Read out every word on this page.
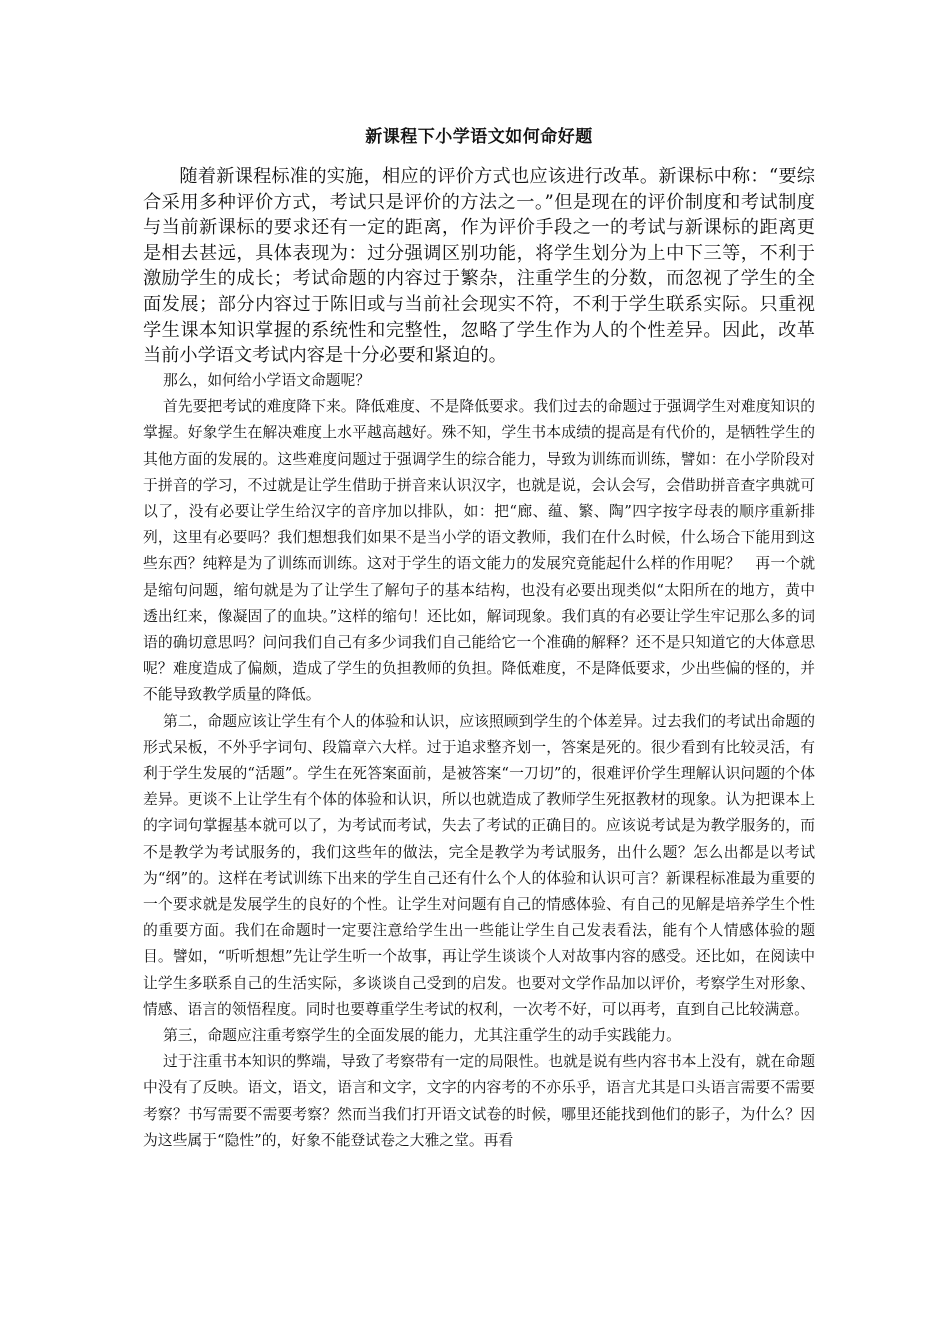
新课程下小学语文如何命好题

随着新课程标准的实施，相应的评价方式也应该进行改革。新课标中称：“要综合采用多种评价方式，考试只是评价的方法之一。”但是现在的评价制度和考试制度与当前新课标的要求还有一定的距离，作为评价手段之一的考试与新课标的距离更是相去甚远，具体表现为：过分强调区别功能，将学生划分为上中下三等，不利于激励学生的成长；考试命题的内容过于繁杂，注重学生的分数，而忽视了学生的全面发展；部分内容过于陈旧或与当前社会现实不符，不利于学生联系实际。只重视学生课本知识掌握的系统性和完整性，忽略了学生作为人的个性差异。因此，改革当前小学语文考试内容是十分必要和紧迫的。

那么，如何给小学语文命题呢？

首先要把考试的难度降下来。降低难度、不是降低要求。我们过去的命题过于强调学生对难度知识的掌握。好象学生在解决难度上水平越高越好。殊不知，学生书本成绩的提高是有代价的，是牺牲学生的其他方面的发展的。这些难度问题过于强调学生的综合能力，导致为训练而训练，譬如：在小学阶段对于拼音的学习，不过就是让学生借助于拼音来认识汉字，也就是说，会认会写，会借助拼音查字典就可以了，没有必要让学生给汉字的音序加以排队，如：把“廊、蕴、繁、陶”四字按字母表的顺序重新排列，这里有必要吗？我们想想我们如果不是当小学的语文教师，我们在什么时候，什么场合下能用到这些东西？纯粹是为了训练而训练。这对于学生的语文能力的发展究竟能起什么样的作用呢？　再一个就是缩句问题，缩句就是为了让学生了解句子的基本结构，也没有必要出现类似“太阳所在的地方，黄中透出红来，像凝固了的血块。”这样的缩句！还比如，解词现象。我们真的有必要让学生牢记那么多的词语的确切意思吗？问问我们自己有多少词我们自己能给它一个准确的解释？还不是只知道它的大体意思呢？难度造成了偏颇，造成了学生的负担教师的负担。降低难度，不是降低要求，少出些偏的怪的，并不能导致教学质量的降低。

第二，命题应该让学生有个人的体验和认识，应该照顾到学生的个体差异。过去我们的考试出命题的形式呆板，不外乎字词句、段篇章六大样。过于追求整齐划一，答案是死的。很少看到有比较灵活，有利于学生发展的“活题”。学生在死答案面前，是被答案“一刀切”的，很难评价学生理解认识问题的个体差异。更谈不上让学生有个体的体验和认识，所以也就造成了教师学生死抠教材的现象。认为把课本上的字词句掌握基本就可以了，为考试而考试，失去了考试的正确目的。应该说考试是为教学服务的，而不是教学为考试服务的，我们这些年的做法，完全是教学为考试服务，出什么题？怎么出都是以考试为“纲”的。这样在考试训练下出来的学生自己还有什么个人的体验和认识可言？新课程标准最为重要的一个要求就是发展学生的良好的个性。让学生对问题有自己的情感体验、有自己的见解是培养学生个性的重要方面。我们在命题时一定要注意给学生出一些能让学生自己发表看法，能有个人情感体验的题目。譬如，“听听想想”先让学生听一个故事，再让学生谈谈个人对故事内容的感受。还比如，在阅读中让学生多联系自己的生活实际，多谈谈自己受到的启发。也要对文学作品加以评价，考察学生对形象、情感、语言的领悟程度。同时也要尊重学生考试的权利，一次考不好，可以再考，直到自己比较满意。

第三，命题应注重考察学生的全面发展的能力，尤其注重学生的动手实践能力。

过于注重书本知识的弊端，导致了考察带有一定的局限性。也就是说有些内容书本上没有，就在命题中没有了反映。语文，语文，语言和文字，文字的内容考的不亦乐乎，语言尤其是口头语言需要不需要考察？书写需要不需要考察？然而当我们打开语文试卷的时候，哪里还能找到他们的影子，为什么？因为这些属于“隐性”的，好象不能登试卷之大雅之堂。再看
